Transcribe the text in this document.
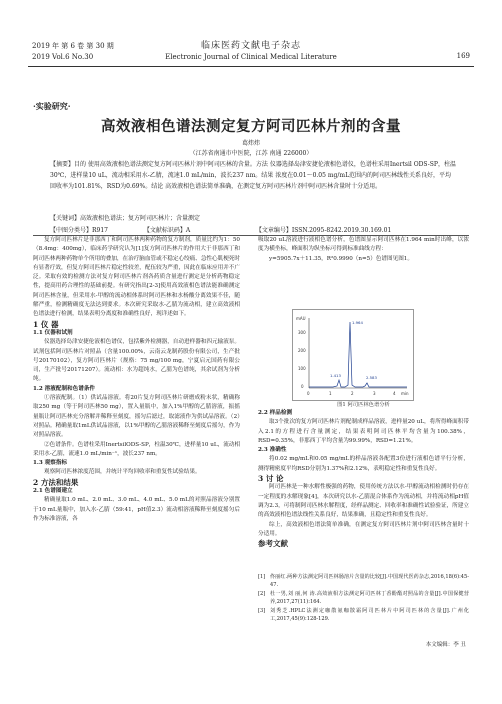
2019 年 第 6 卷 第 30 期
2019 Vol.6 No.30
临床医药文献电子杂志
Electronic Journal of Clinical Medical Literature	169
·实验研究·
高效液相色谱法测定复方阿司匹林片剂的含量
葛炜炜
（江苏省南通市中医院，江苏 南通 226000）
【摘要】目的 使用高效液相色谱法测定复方阿司匹林片剂中阿司匹林的含量。方法 仪器选择岛津安捷伦液相色谱仪，色谱柱采用Inertsil ODS-SP，柱温30℃，进样量10 uL，流动相采用水-乙腈，流速1.0 mL/min，波长237 nm。结果 浓度在0.01～0.05 mg/mL范围内的阿司匹林线性关系良好，平均回收率为101.81%，RSD为0.69%。结论 高效液相色谱法简单准确，在测定复方阿司匹林片剂中阿司匹林含量时十分适用。
【关键词】高效液相色谱法；复方阿司匹林片；含量测定
【中图分类号】R917	【文献标识码】A	【文章编号】ISSN.2095-8242.2019.30.169.01

复方阿司匹林片是非那西丁和阿司匹林两种药物的复方制剂，质量比约为1：50（8.4mg：400mg），临床药学研究认为[1]复方阿司匹林片的作用大于非那西丁和阿司匹林两种药物单个所用的叠加，在治疗脑血管或不稳定心绞痛、急性心肌梗死时有显著疗效，但复方阿司匹林片稳定性较差，配伍较为严重，因此在临床应用并不广泛。采取有效的检测方法对复方阿司匹林片剂各药质含量进行测定是分析药物稳定性，提高用药合理性的基础前提。有研究指出[2-3]使用高效液相色谱法能准确测定阿司匹林含量，但采用水-甲醇的流动相体系时阿司匹林和水杨酸分离效果不佳，随解严重，检测精确度无法达到要求。本次研究采取水-乙腈为流动相，建立高效液相色谱法进行检测，结果表明分离度和准确性良好，现详述如下。

1 仪 器

1.1 仪器和试剂

仪器选择岛津安捷伦液相色谱仪，包括紫外检测器，自动进样器和四元输液泵。试剂包括阿司匹林片对照品（含量100.00%，云南云龙制药股份有限公司，生产批号20170102），复方阿司匹林片（规格：75 mg/100 mg，宁夏启元国药有限公司，生产批号20171207）。流动相：水为超纯水，乙腈为色谱纯，其余试剂为分析纯。

1.2 溶液配制和色谱条件

①溶液配制。（1）供试品溶液。将20片复方阿司匹林片研磨成粉末状，精确称取250 mg（等于阿司匹林50 mg），置入量瓶中，加入1%甲醇的乙腈溶液，振摇量瓶让阿司匹林充分溶解并稀释至刻度，摇匀后滤过，取滤液作为供试品溶液。（2）对照品。精确量取1mL供试品溶液，以1%甲醇的乙腈溶液稀释至刻度后摇匀，作为对照品溶液。

②色谱条件。色谱柱采用InertsilODS-SP，柱温30℃，进样量10 uL，流动相采用水-乙腈，流速1.0 mL/min⁻¹，波长237 nm。

1.3 观察指标

观察阿司匹林浓度范围，并统计平均回收率和重复性试验结果。

2 方法和结果

2.1 色谱图建立

精确量取1.0 mL、2.0 mL、3.0 mL、4.0 mL、5.0 mL的对照品溶液分别置于10 mL量瓶中，加入水-乙腈（59:41，pH值2.3）流动相溶液稀释至刻度摇匀后作为标准溶液，各

吸取20 uL溶液进行液相色谱分析，色谱图显示阿司匹林在1.964 min时出峰，以浓度为横坐标，峰面积为纵坐标可得到标准曲线方程：

y=5905.7x＋11.35，R²0.9990（n=5）色谱图见图1。

mAU
300
200
100
0
0	1	2	3	4 min
1.964
1.413	2.583
图1 阿司匹林色谱分析

2.2 样品检测

取3个批次的复方阿司匹林片剂配制成样品溶液，进样量20 uL，将所得峰面积带入2.1的方程进行含量测定，结果表明阿司匹林平均含量为100.38%，RSD=0.35%，非那西丁平均含量为99.99%，RSD=1.21%。

2.3 准确性

将0.02 mg/mL和0.05 mg/mL的样品溶液各配置3份进行液相色谱平行分析，测得精密度平均RSD分别为1.37%和2.12%，表明稳定性和重复性良好。

3 讨 论

阿司匹林是一种水解性极强的药物，使用传统方法以水-甲醇流动相检测时仍存在一定程度的水解现象[4]，本次研究以水-乙腈混合体系作为流动相，并将流动相pH值调为2.3，可将制阿司匹林水解程度，经样品测定、回收率和准确性试验验证，所建立的高效液相色谱法线性关系良好，结果准确，且稳定性和重复性良好。

综上，高效液相色谱法简单准确，在测定复方阿司匹林片剂中阿司匹林含量时十分适用。

参考文献

[1] 佟丽红.两种方法测定阿司匹林肠溶片含量的比较[J].中国现代医药杂志,2016,18(6):45-47.
[2] 杜一男,刘 丽,何 涛.高效液相方法测定阿司匹林丁香酚酯对照品的含量[J].中国保健营养,2017,27(11):164.
[3] 刘秀芝.HPLC法测定咖散氨咖散霜阿司匹林片中阿司匹林的含量[J].广州化工,2017,45(9):128-129.
本文编辑：李 丑
